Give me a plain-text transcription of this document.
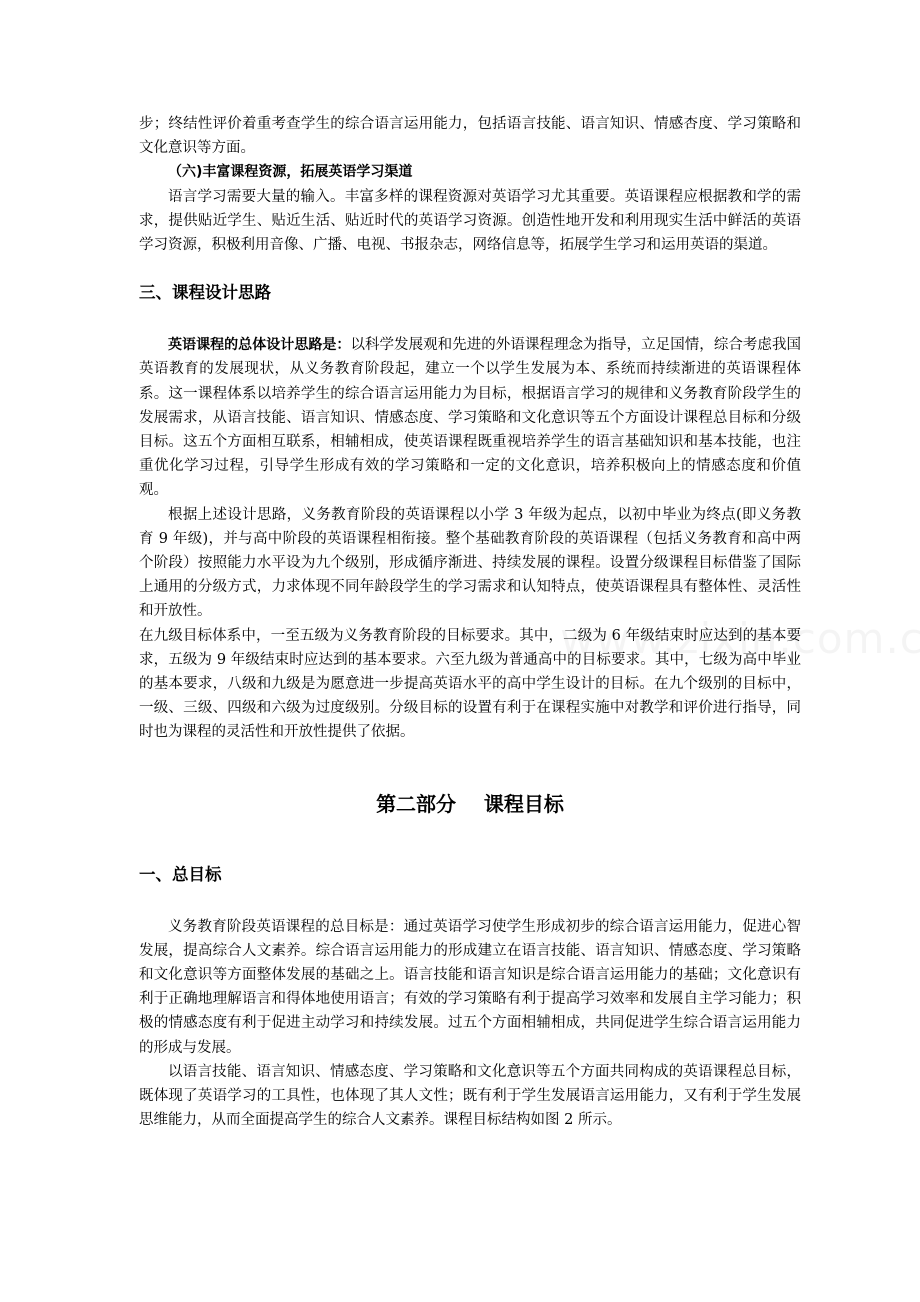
步；终结性评价着重考查学生的综合语言运用能力，包括语言技能、语言知识、情感杏度、学习策略和文化意识等方面。

（六)丰富课程资源，拓展英语学习渠道

语言学习需要大量的输入。丰富多样的课程资源对英语学习尤其重要。英语课程应根据教和学的需求，提供贴近学生、贴近生活、贴近时代的英语学习资源。创造性地开发和利用现实生活中鲜活的英语学习资源，积极利用音像、广播、电视、书报杂志，网络信息等，拓展学生学习和运用英语的渠道。

三、课程设计思路

英语课程的总体设计思路是：以科学发展观和先进的外语课程理念为指导，立足国情，综合考虑我国英语教育的发展现状，从义务教育阶段起，建立一个以学生发展为本、系统而持续渐进的英语课程体系。这一课程体系以培养学生的综合语言运用能力为目标，根据语言学习的规律和义务教育阶段学生的发展需求，从语言技能、语言知识、情感态度、学习策略和文化意识等五个方面设计课程总目标和分级目标。这五个方面相互联系，相辅相成，使英语课程既重视培养学生的语言基础知识和基本技能，也注重优化学习过程，引导学生形成有效的学习策略和一定的文化意识，培养积极向上的情感态度和价值观。

根据上述设计思路，义务教育阶段的英语课程以小学 3 年级为起点，以初中毕业为终点(即义务教育 9 年级)，并与高中阶段的英语课程相衔接。整个基础教育阶段的英语课程（包括义务教育和高中两个阶段）按照能力水平设为九个级别，形成循序渐进、持续发展的课程。设置分级课程目标借鉴了国际上通用的分级方式，力求体现不同年龄段学生的学习需求和认知特点，使英语课程具有整体性、灵活性和开放性。

在九级目标体系中，一至五级为义务教育阶段的目标要求。其中，二级为 6 年级结束时应达到的基本要求，五级为 9 年级结束时应达到的基本要求。六至九级为普通高中的目标要求。其中，七级为高中毕业的基本要求，八级和九级是为愿意进一步提高英语水平的高中学生设计的目标。在九个级别的目标中，一级、三级、四级和六级为过度级别。分级目标的设置有利于在课程实施中对教学和评价进行指导，同时也为课程的灵活性和开放性提供了依据。

第二部分    课程目标
一、总目标

义务教育阶段英语课程的总目标是：通过英语学习使学生形成初步的综合语言运用能力，促进心智发展，提高综合人文素养。综合语言运用能力的形成建立在语言技能、语言知识、情感态度、学习策略和文化意识等方面整体发展的基础之上。语言技能和语言知识是综合语言运用能力的基础；文化意识有利于正确地理解语言和得体地使用语言；有效的学习策略有利于提高学习效率和发展自主学习能力；积极的情感态度有利于促进主动学习和持续发展。过五个方面相辅相成，共同促进学生综合语言运用能力的形成与发展。

以语言技能、语言知识、情感态度、学习策略和文化意识等五个方面共同构成的英语课程总目标，既体现了英语学习的工具性，也体现了其人文性；既有利于学生发展语言运用能力，又有利于学生发展思维能力，从而全面提高学生的综合人文素养。课程目标结构如图 2 所示。
